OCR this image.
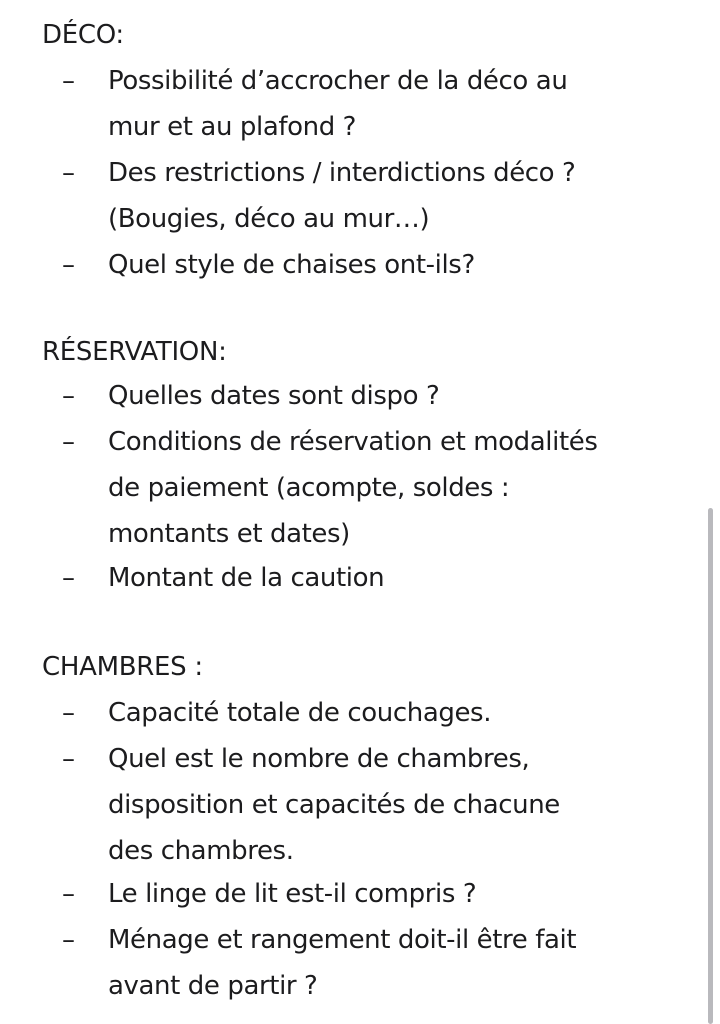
DÉCO:
– Possibilité d’accrocher de la déco au
mur et au plafond ?
– Des restrictions / interdictions déco ?
(Bougies, déco au mur…)
– Quel style de chaises ont-ils?
RÉSERVATION:
– Quelles dates sont dispo ?
– Conditions de réservation et modalités
de paiement (acompte, soldes :
montants et dates)
– Montant de la caution
CHAMBRES :
– Capacité totale de couchages.
– Quel est le nombre de chambres,
disposition et capacités de chacune
des chambres.
– Le linge de lit est-il compris ?
– Ménage et rangement doit-il être fait
avant de partir ?
